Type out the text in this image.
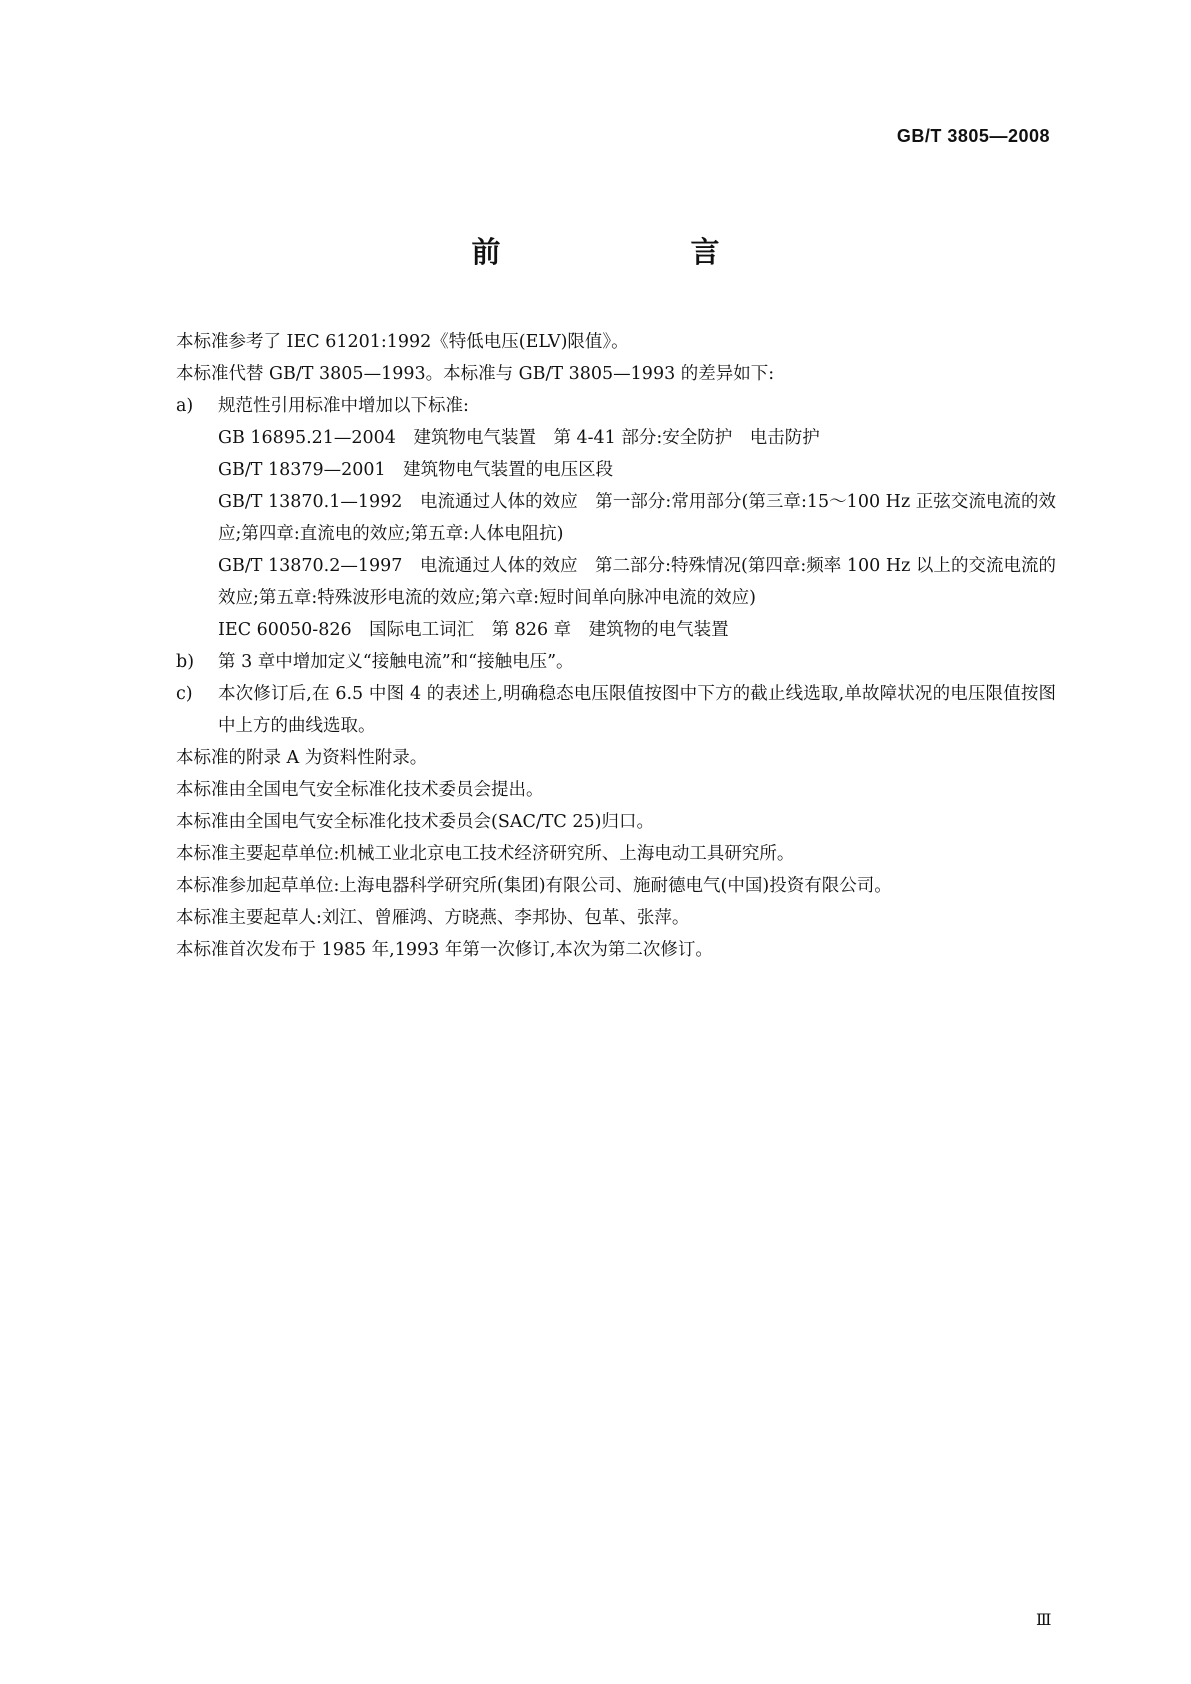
GB/T 3805—2008
前　　言
本标准参考了 IEC 61201:1992《特低电压(ELV)限值》。
本标准代替 GB/T 3805—1993。本标准与 GB/T 3805—1993 的差异如下:
a) 规范性引用标准中增加以下标准:
GB 16895.21—2004　建筑物电气装置　第 4-41 部分:安全防护　电击防护
GB/T 18379—2001　建筑物电气装置的电压区段
GB/T 13870.1—1992　电流通过人体的效应　第一部分:常用部分(第三章:15～100 Hz 正弦交流电流的效应;第四章:直流电的效应;第五章:人体电阻抗)
GB/T 13870.2—1997　电流通过人体的效应　第二部分:特殊情况(第四章:频率 100 Hz 以上的交流电流的效应;第五章:特殊波形电流的效应;第六章:短时间单向脉冲电流的效应)
IEC 60050-826　国际电工词汇　第 826 章　建筑物的电气装置
b) 第 3 章中增加定义“接触电流”和“接触电压”。
c) 本次修订后,在 6.5 中图 4 的表述上,明确稳态电压限值按图中下方的截止线选取,单故障状况的电压限值按图中上方的曲线选取。
本标准的附录 A 为资料性附录。
本标准由全国电气安全标准化技术委员会提出。
本标准由全国电气安全标准化技术委员会(SAC/TC 25)归口。
本标准主要起草单位:机械工业北京电工技术经济研究所、上海电动工具研究所。
本标准参加起草单位:上海电器科学研究所(集团)有限公司、施耐德电气(中国)投资有限公司。
本标准主要起草人:刘江、曾雁鸿、方晓燕、李邦协、包革、张萍。
本标准首次发布于 1985 年,1993 年第一次修订,本次为第二次修订。
Ⅲ
